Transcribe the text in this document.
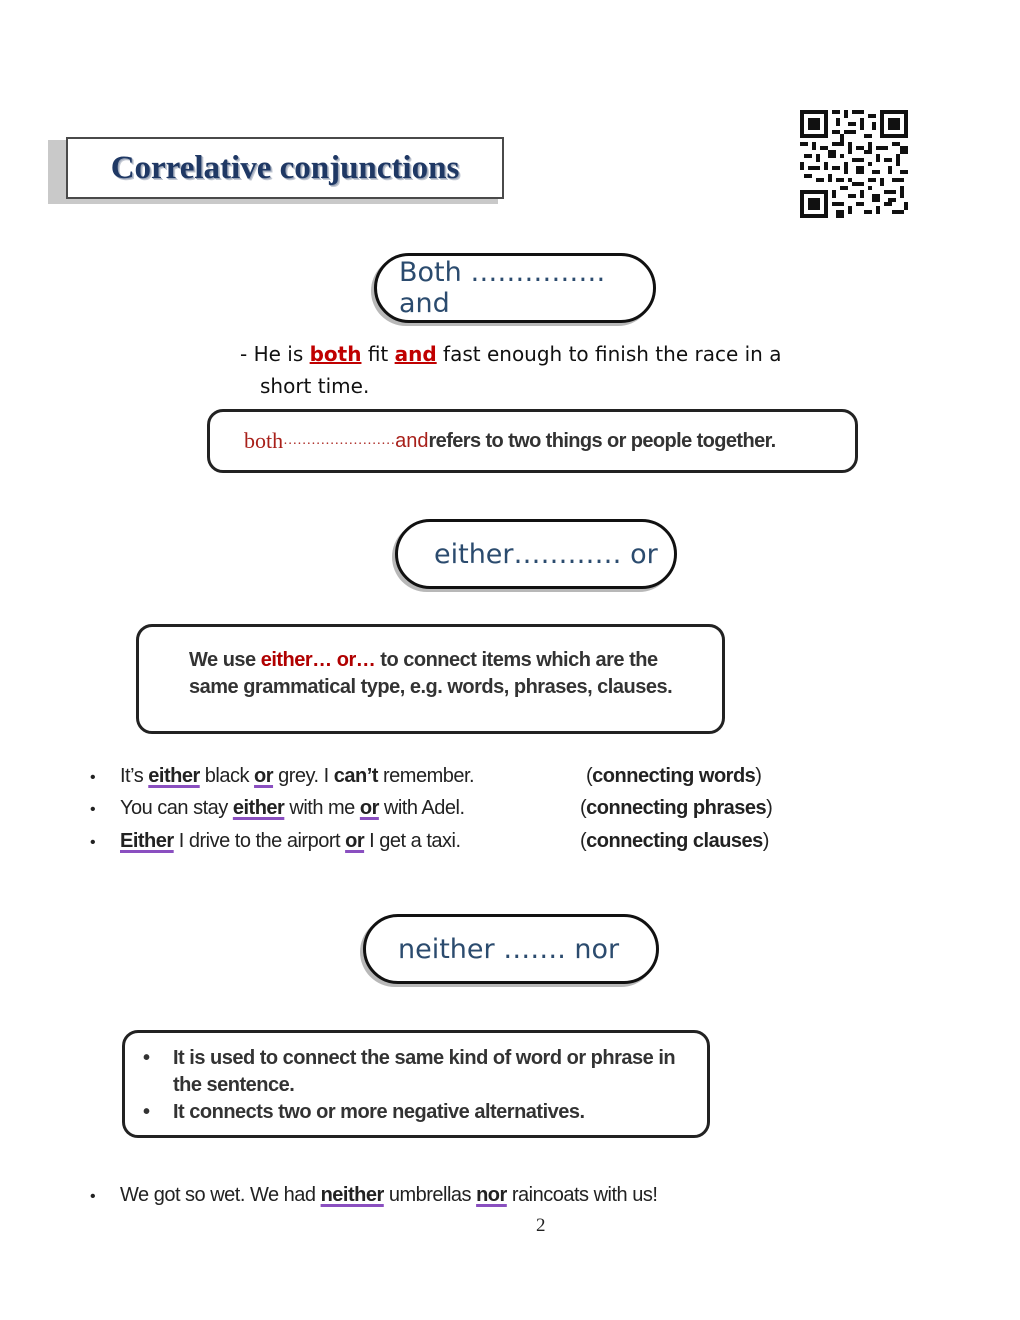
Correlative conjunctions
Both ……………and
- He is both fit and fast enough to finish the race in a
short time.
both …………………… and refers to two things or people together.
either………… or

We use either… or… to connect items which are the

same grammatical type, e.g. words, phrases, clauses.

• It’s either black or grey. I can’t remember.	(connecting words)
• You can stay either with me or with Adel.	(connecting phrases)
• Either I drive to the airport or I get a taxi.	(connecting clauses)
neither ……. nor
•	It is used to connect the same kind of word or phrase in the sentence.
•	It connects two or more negative alternatives.
• We got so wet. We had neither umbrellas nor raincoats with us!
2
